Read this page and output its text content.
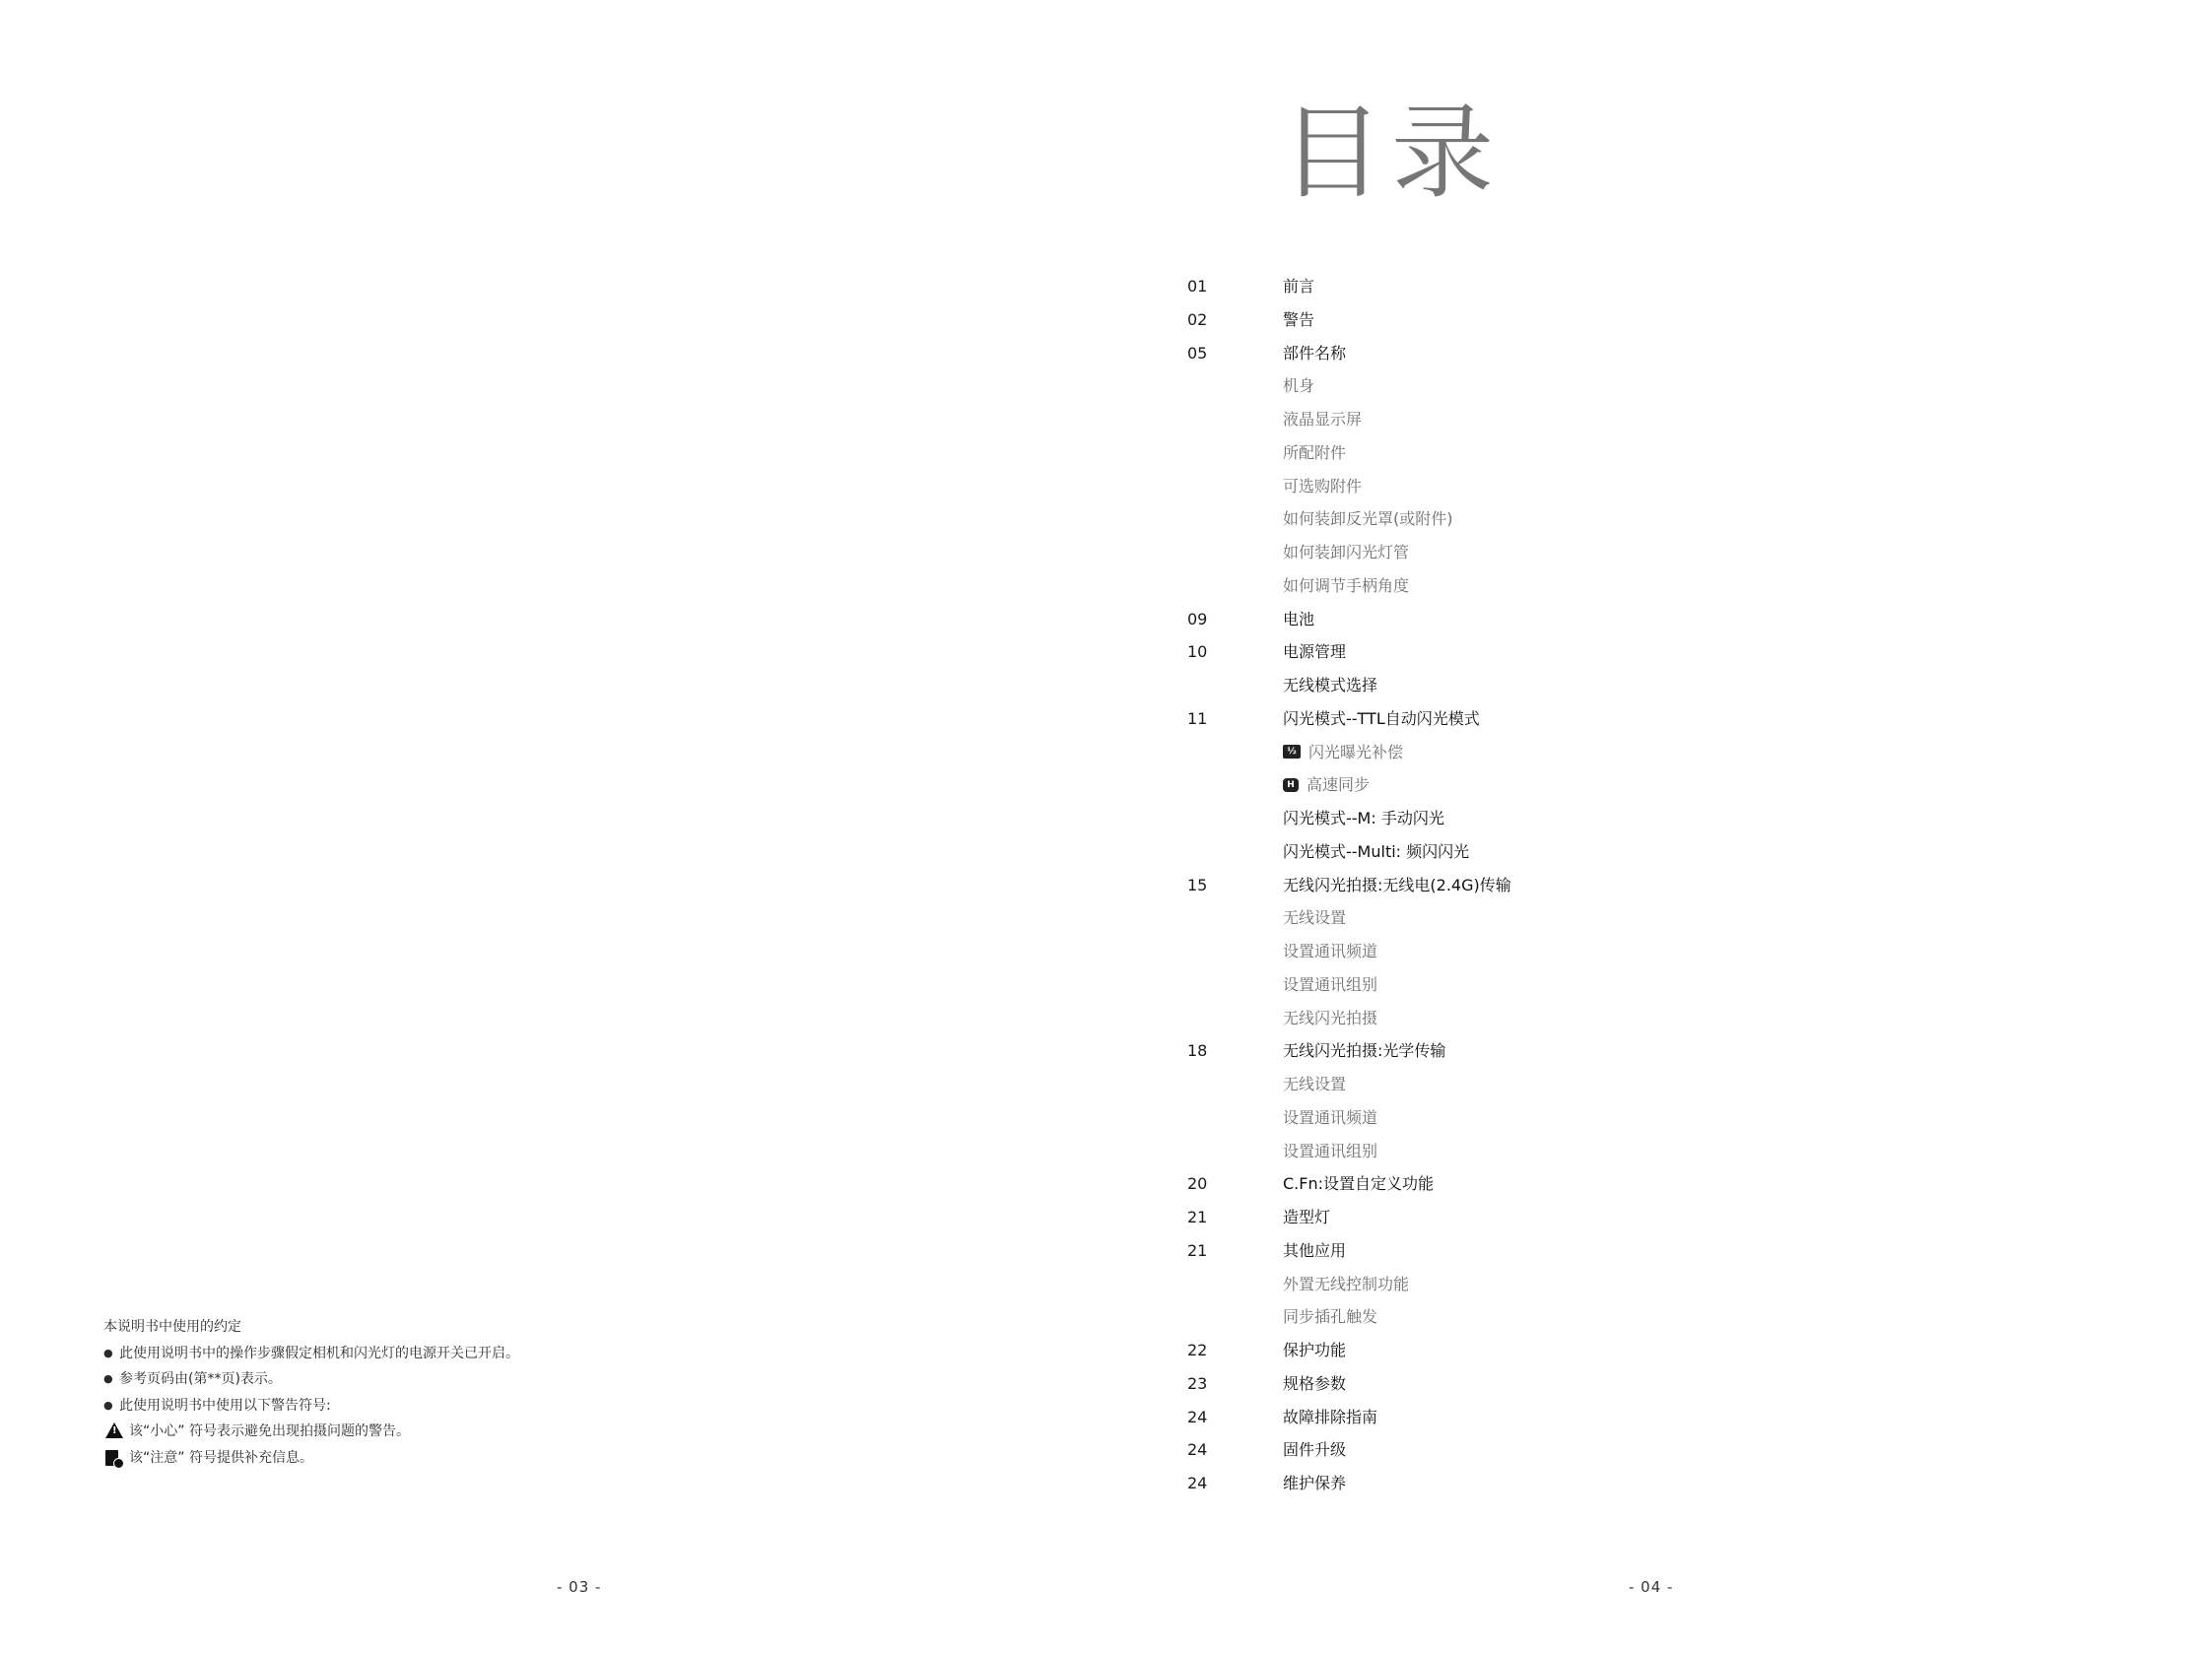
本说明书中使用的约定
● 此使用说明书中的操作步骤假定相机和闪光灯的电源开关已开启。
● 参考页码由(第**页)表示。
● 此使用说明书中使用以下警告符号:
!
该“小心” 符号表示避免出现拍摄问题的警告。
该“注意” 符号提供补充信息。
- 03 -
目录
01	前言
02	警告
05	部件名称
机身
液晶显示屏
所配附件
可选购附件
如何装卸反光罩(或附件)
如何装卸闪光灯管
如何调节手柄角度
09	电池
10	电源管理
无线模式选择
11	闪光模式--TTL自动闪光模式
½ 闪光曝光补偿
H 高速同步
闪光模式--M: 手动闪光
闪光模式--Multi: 频闪闪光
15	无线闪光拍摄:无线电(2.4G)传输
无线设置
设置通讯频道
设置通讯组别
无线闪光拍摄
18	无线闪光拍摄:光学传输
无线设置
设置通讯频道
设置通讯组别
20	C.Fn:设置自定义功能
21	造型灯
21	其他应用
外置无线控制功能
同步插孔触发
22	保护功能
23	规格参数
24	故障排除指南
24	固件升级
24	维护保养
- 04 -
